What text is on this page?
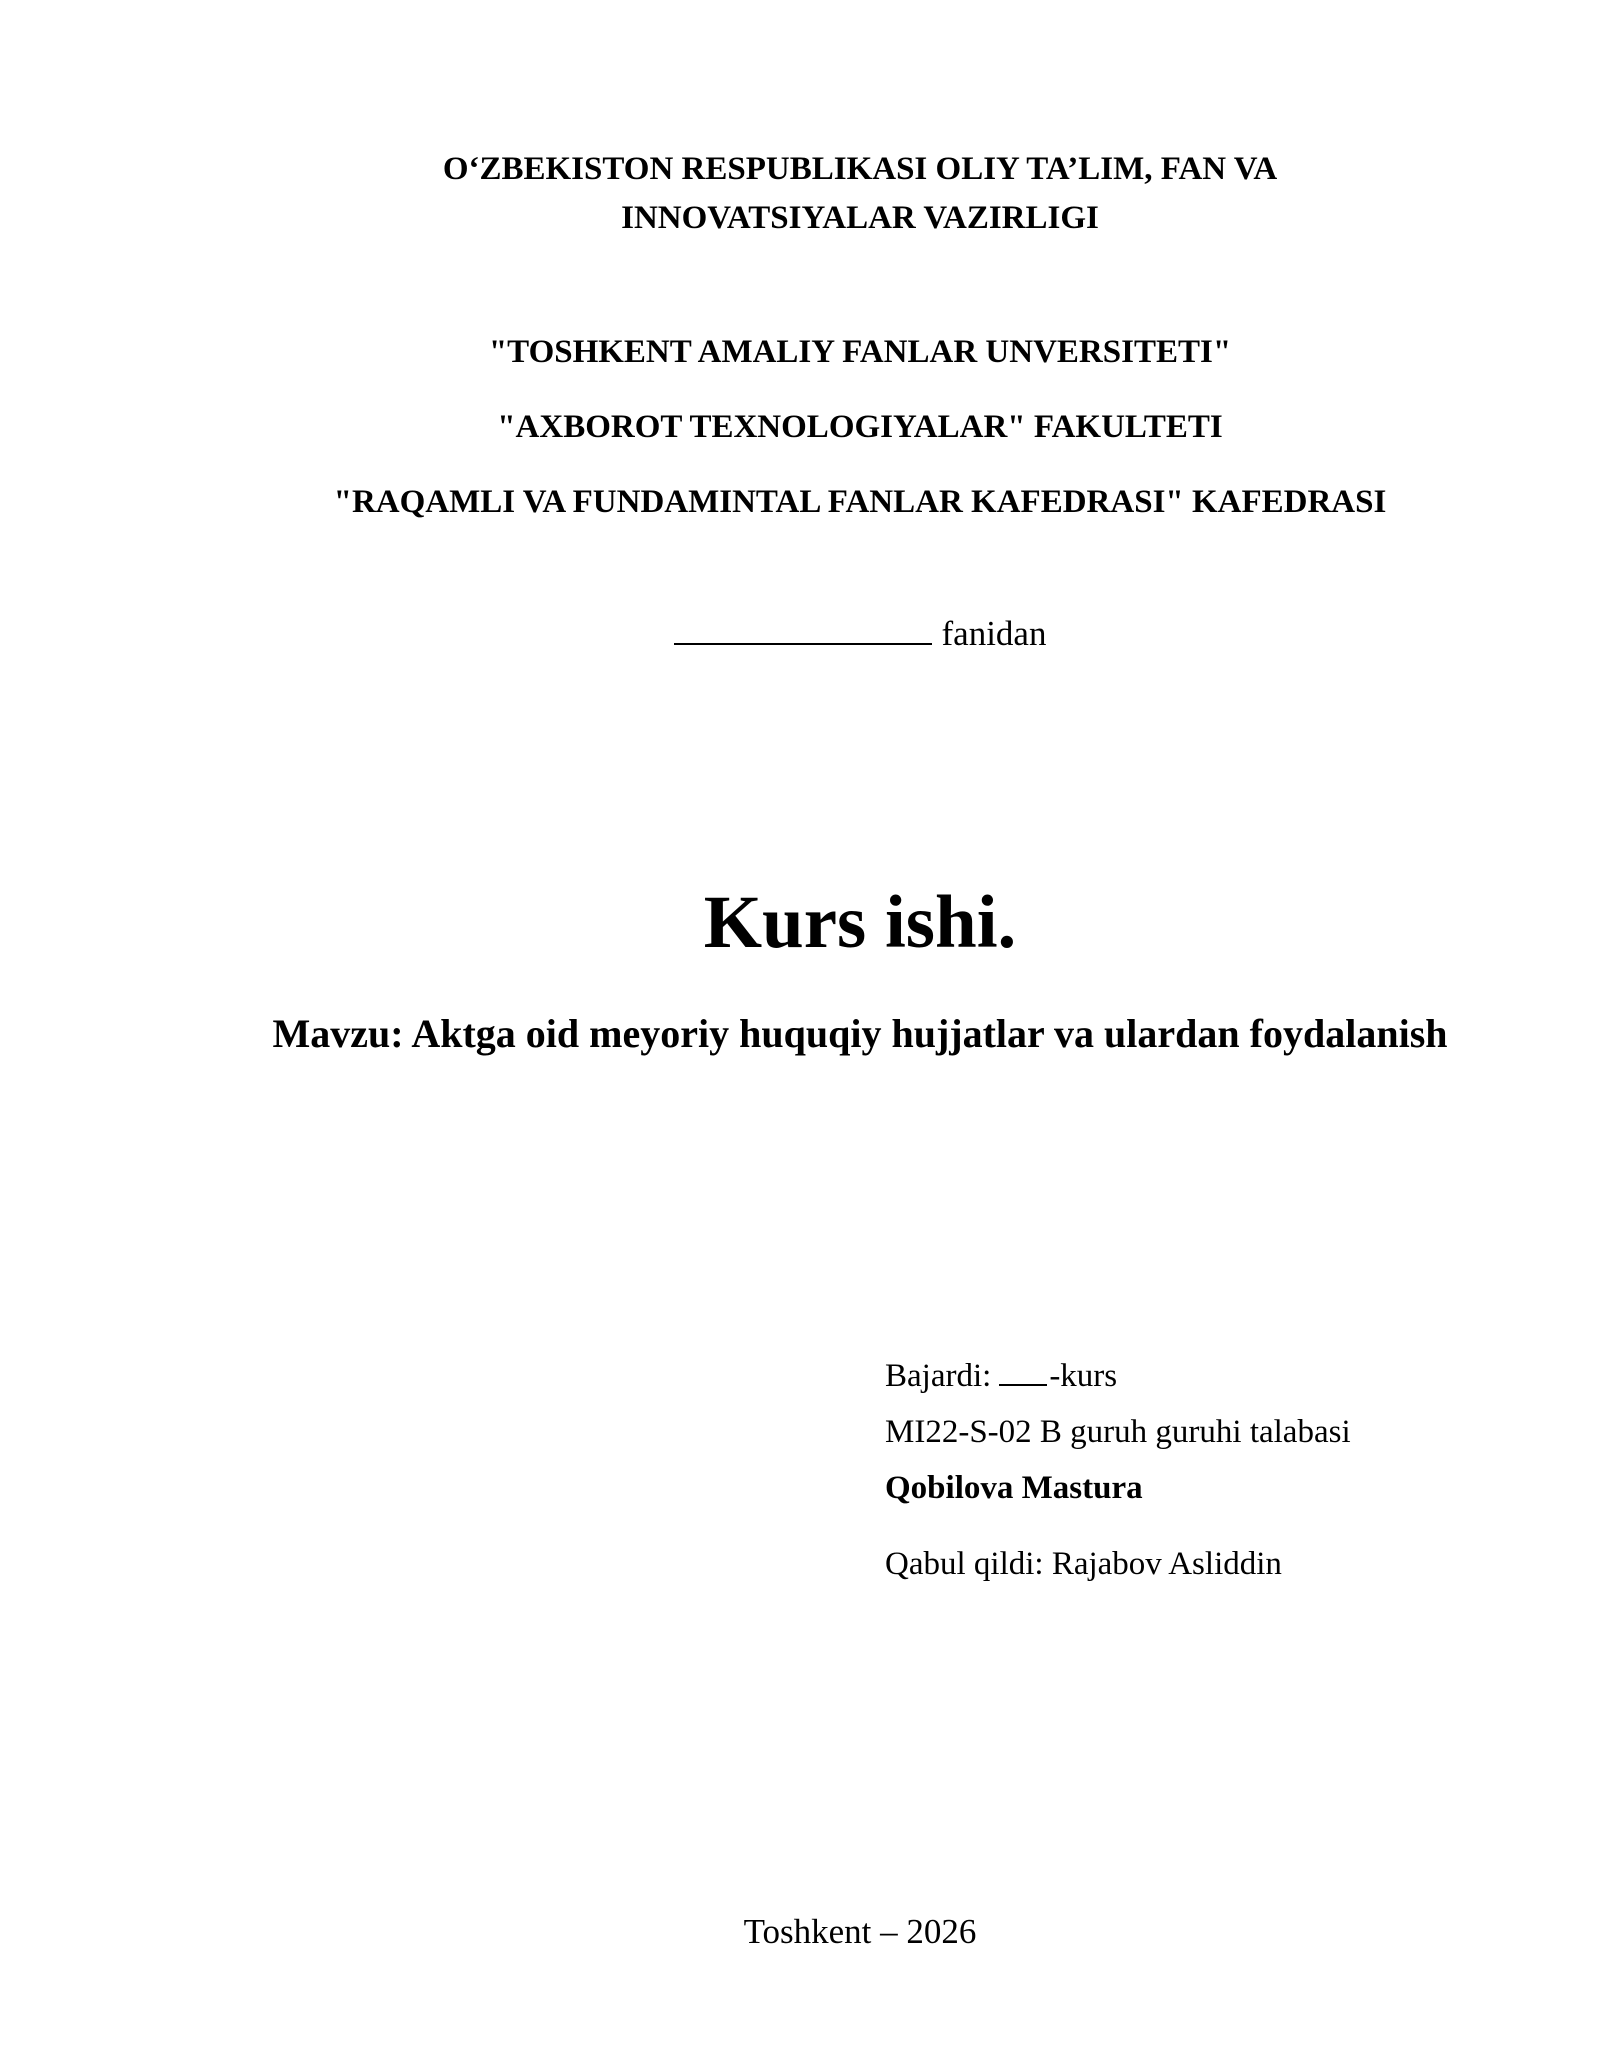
O‘ZBEKISTON RESPUBLIKASI OLIY TA’LIM, FAN VA
INNOVATSIYALAR VAZIRLIGI

"TOSHKENT AMALIY FANLAR UNVERSITETI"

"AXBOROT TEXNOLOGIYALAR" FAKULTETI

"RAQAMLI VA FUNDAMINTAL FANLAR KAFEDRASI" KAFEDRASI

fanidan

Kurs ishi.

Mavzu: Aktga oid meyoriy huquqiy hujjatlar va ulardan foydalanish

Bajardi: -kurs
MI22-S-02 B guruh guruhi talabasi
Qobilova Mastura
Qabul qildi: Rajabov Asliddin

Toshkent – 2026
